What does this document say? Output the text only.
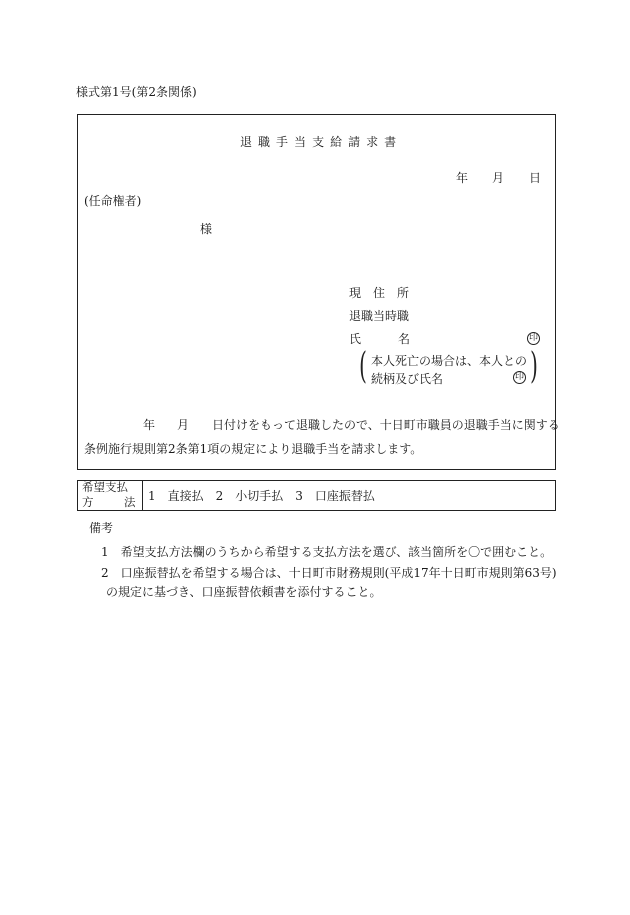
様式第1号(第2条関係)
退 職 手 当 支 給 請 求 書
年 月 日
(任命権者)
様
現　住　所
退職当時職
氏	名	印
( 本人死亡の場合は、本人との
続柄及び氏名	印 )
年 月 日付けをもって退職したので、十日町市職員の退職手当に関する
条例施行規則第2条第1項の規定により退職手当を請求します。
希望支払
方	法 1　直接払　2　小切手払　3　口座振替払
備考
1　希望支払方法欄のうちから希望する支払方法を選び、該当箇所を〇で囲むこと。
2　口座振替払を希望する場合は、十日町市財務規則(平成17年十日町市規則第63号)
の規定に基づき、口座振替依頼書を添付すること。
